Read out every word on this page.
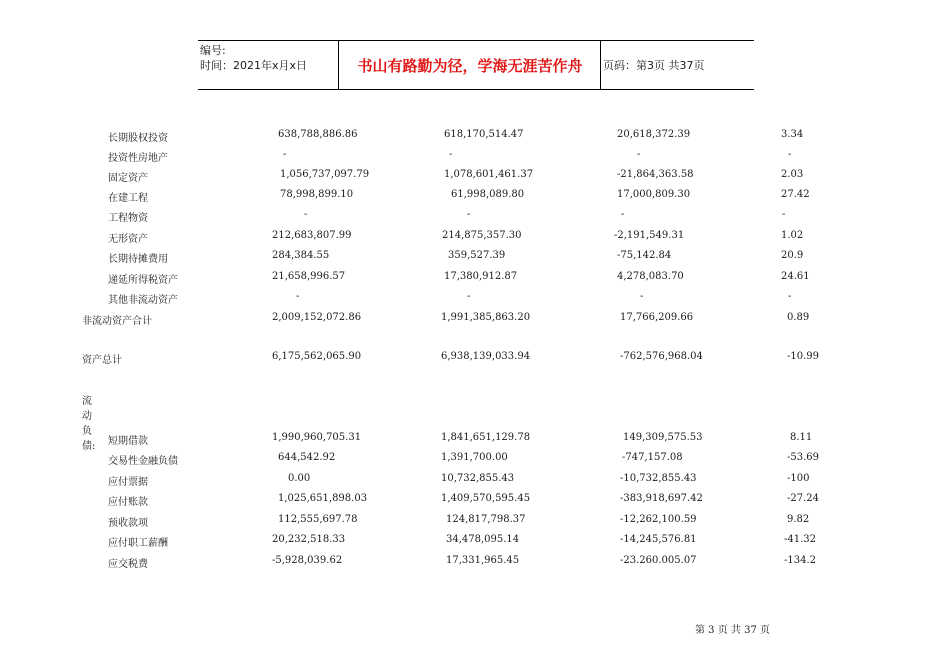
编号:
时间：2021年x月x日	书山有路勤为径，学海无涯苦作舟	页码：第3页 共37页
长期股权投资	638,788,886.86	618,170,514.47	20,618,372.39	3.34
投资性房地产	-	-	-	-
固定资产	1,056,737,097.79	1,078,601,461.37	-21,864,363.58	2.03
在建工程	78,998,899.10	61,998,089.80	17,000,809.30	27.42
工程物资	-	-	-	-
无形资产	212,683,807.99	214,875,357.30	-2,191,549.31	1.02
长期待摊费用	284,384.55	359,527.39	-75,142.84	20.9
递延所得税资产	21,658,996.57	17,380,912.87	4,278,083.70	24.61
其他非流动资产	-	-	-	-
非流动资产合计	2,009,152,072.86	1,991,385,863.20	17,766,209.66	0.89
资产总计	6,175,562,065.90	6,938,139,033.94	-762,576,968.04	-10.99
流动负债: 短期借款	1,990,960,705.31	1,841,651,129.78	149,309,575.53	8.11
交易性金融负债	644,542.92	1,391,700.00	-747,157.08	-53.69
应付票据	0.00	10,732,855.43	-10,732,855.43	-100
应付账款	1,025,651,898.03	1,409,570,595.45	-383,918,697.42	-27.24
预收款项	112,555,697.78	124,817,798.37	-12,262,100.59	9.82
应付职工薪酬	20,232,518.33	34,478,095.14	-14,245,576.81	-41.32
应交税费	-5,928,039.62	17,331,965.45	-23.260.005.07	-134.2
第 3 页 共 37 页
